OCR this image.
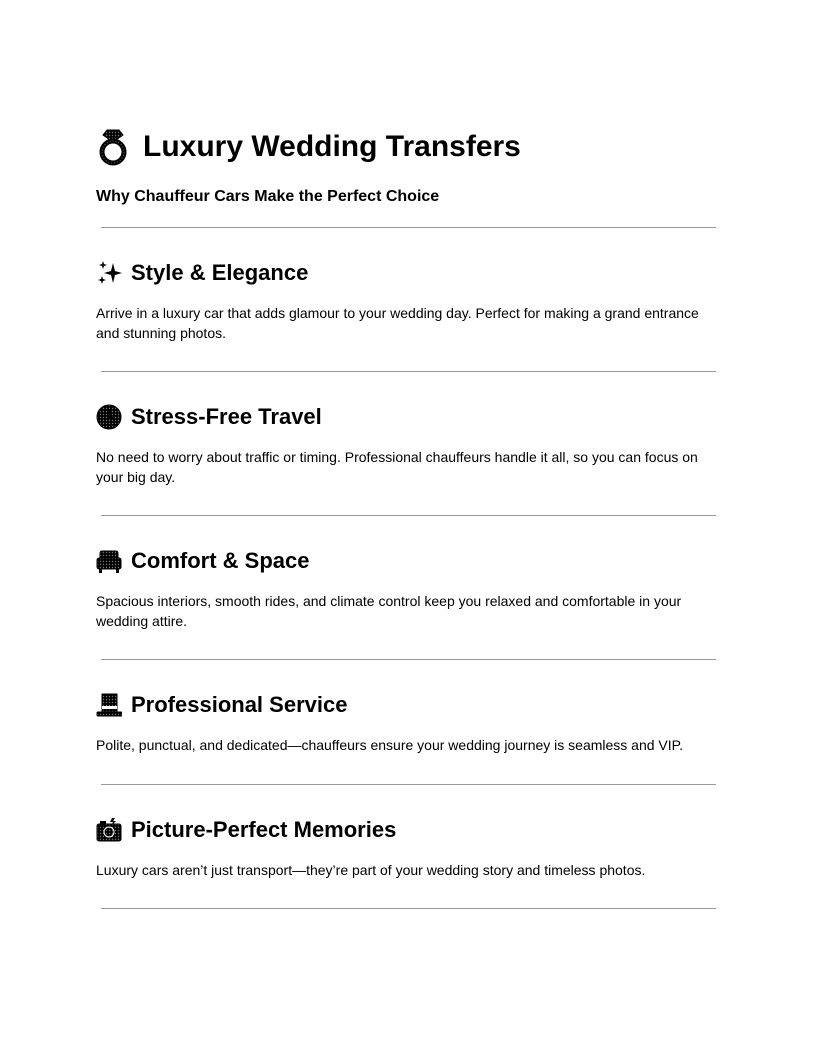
Luxury Wedding Transfers

Why Chauffeur Cars Make the Perfect Choice

Style & Elegance

Arrive in a luxury car that adds glamour to your wedding day. Perfect for making a grand entrance and stunning photos.

Stress-Free Travel

No need to worry about traffic or timing. Professional chauffeurs handle it all, so you can focus on your big day.

Comfort & Space

Spacious interiors, smooth rides, and climate control keep you relaxed and comfortable in your wedding attire.

Professional Service

Polite, punctual, and dedicated—chauffeurs ensure your wedding journey is seamless and VIP.

Picture-Perfect Memories

Luxury cars aren’t just transport—they’re part of your wedding story and timeless photos.
